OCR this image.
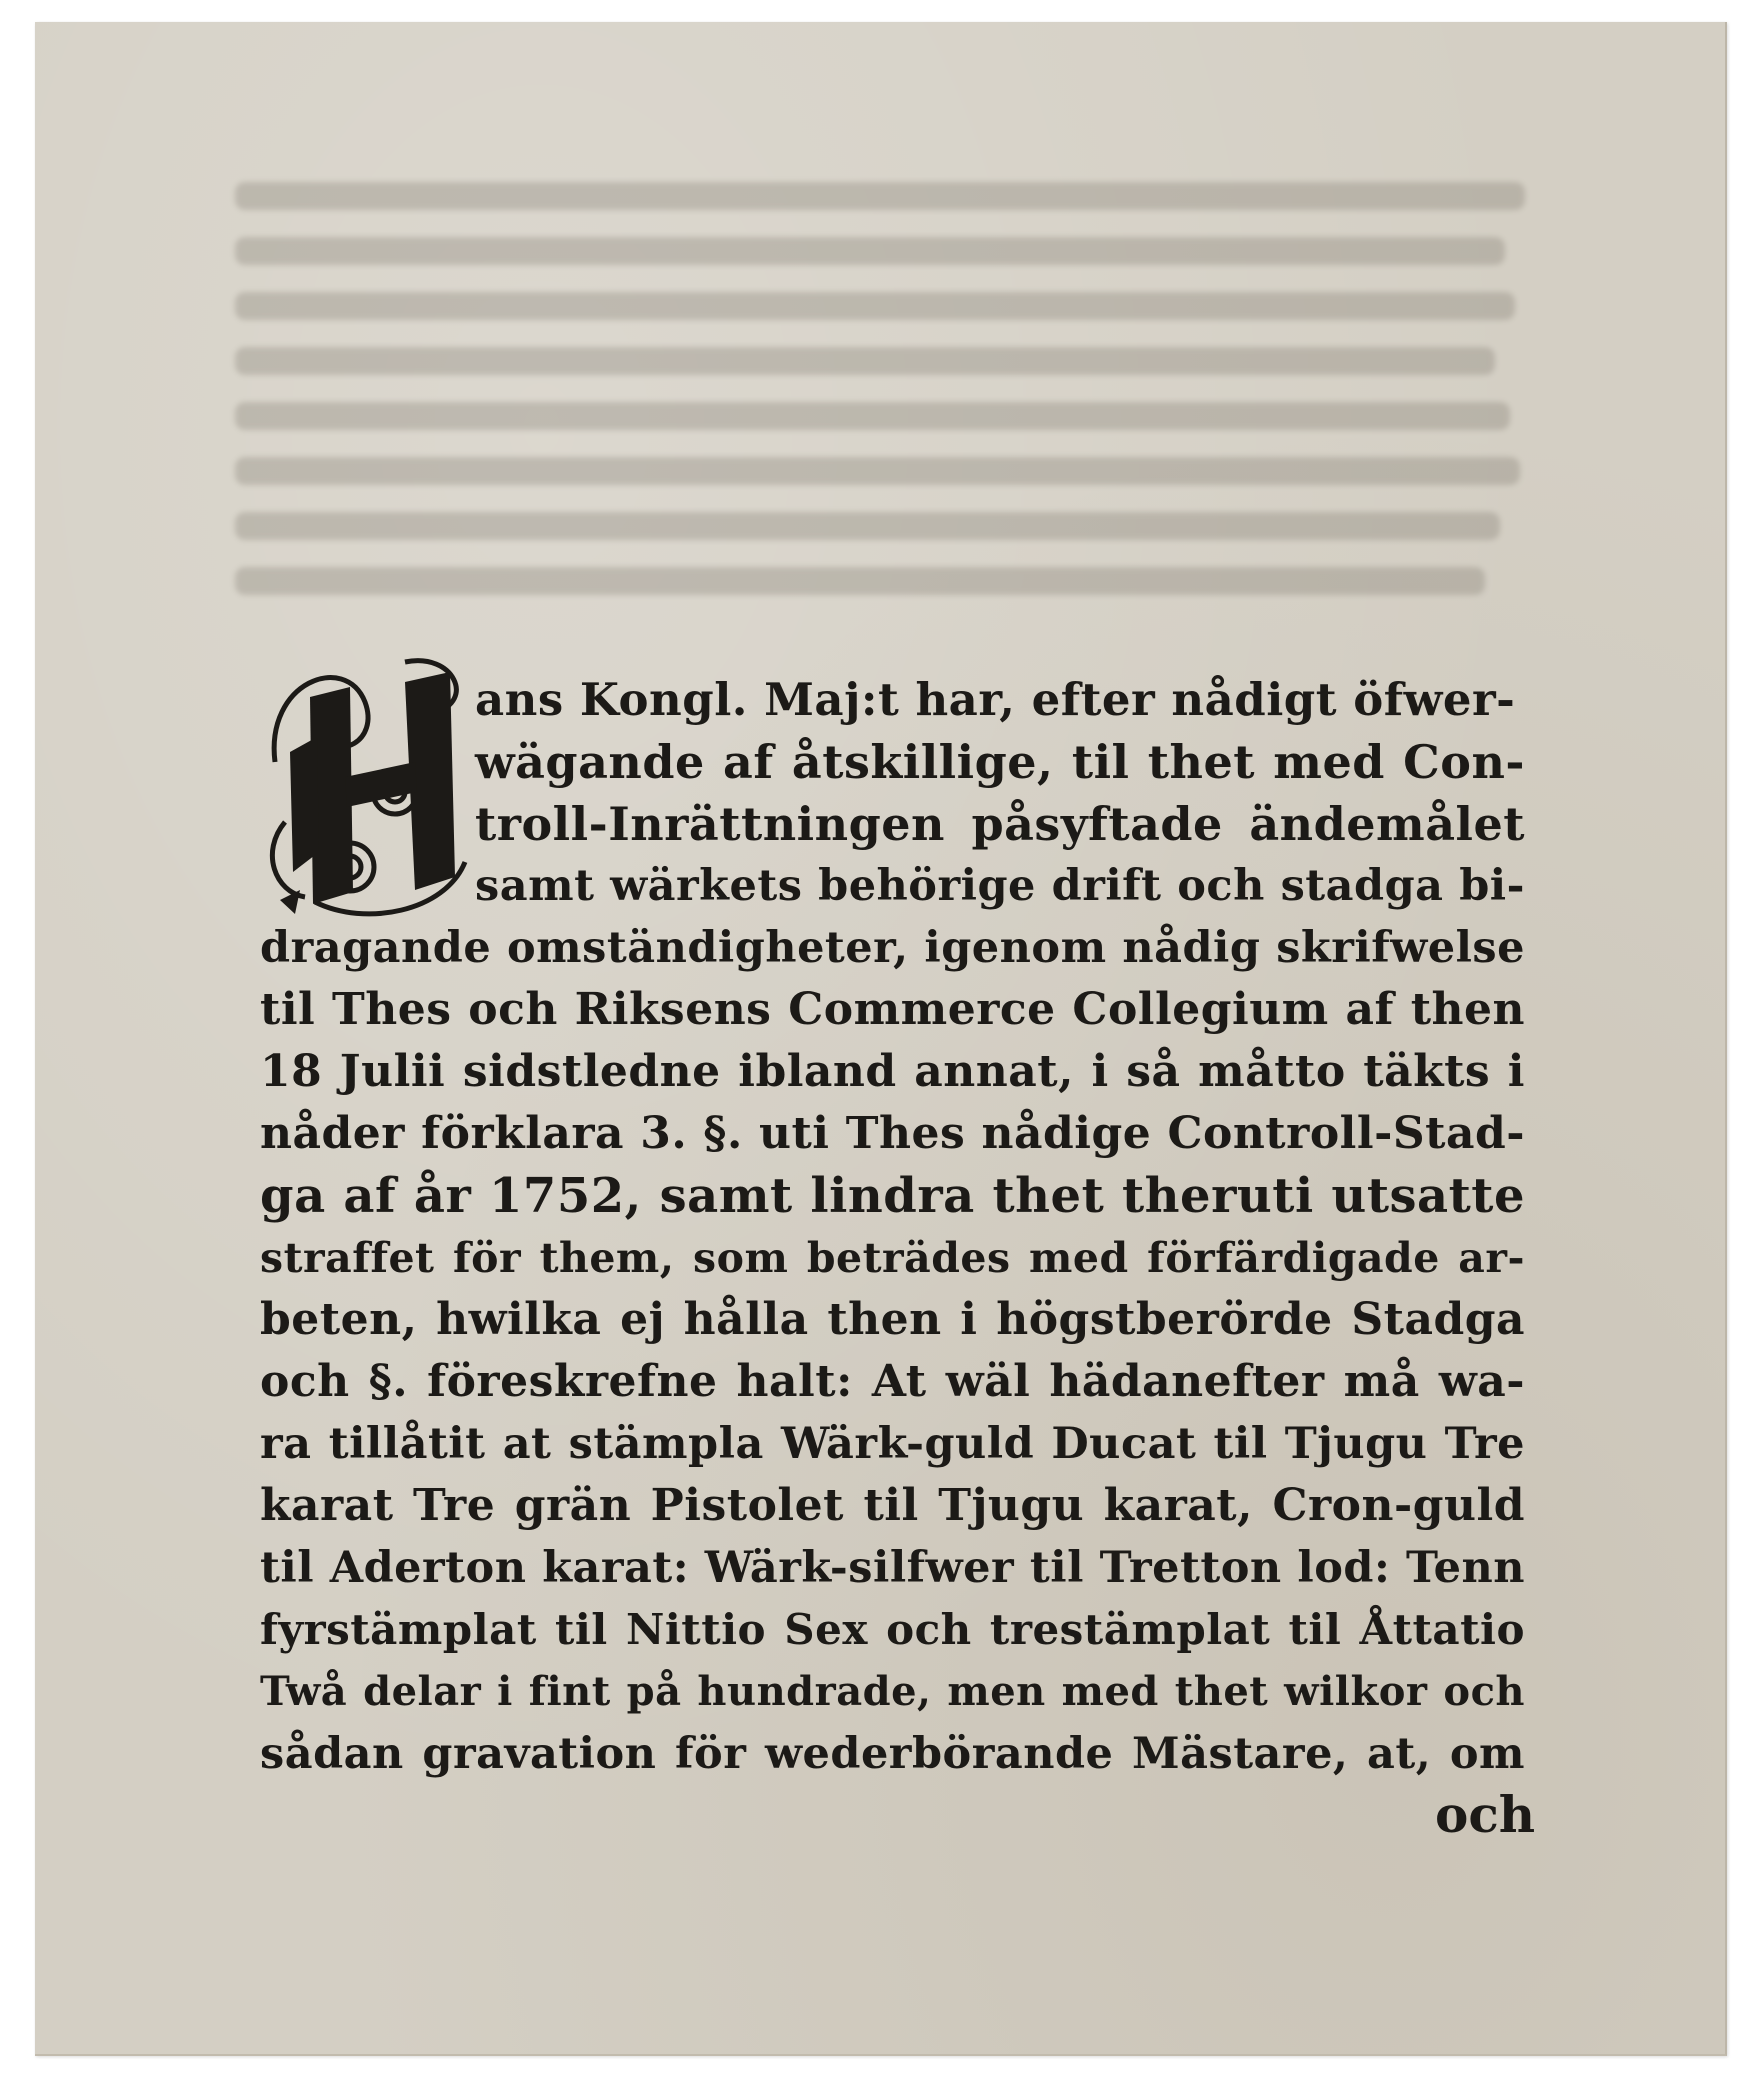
ans Kongl. Maj:t har, efter nådigt öfwer-
wägande af åtskillige, til thet med Con-
troll-Inrättningen påsyftade ändemålet
samt wärkets behörige drift och stadga bi-
dragande omständigheter, igenom nådig skrifwelse
til Thes och Riksens Commerce Collegium af then
18 Julii sidstledne ibland annat, i så måtto täkts i
nåder förklara 3. §. uti Thes nådige Controll-Stad-
ga af år 1752, samt lindra thet theruti utsatte
straffet för them, som beträdes med förfärdigade ar-
beten, hwilka ej hålla then i högstberörde Stadga
och §. föreskrefne halt: At wäl hädanefter må wa-
ra tillåtit at stämpla Wärk-guld Ducat til Tjugu Tre
karat Tre grän Pistolet til Tjugu karat, Cron-guld
til Aderton karat: Wärk-silfwer til Tretton lod: Tenn
fyrstämplat til Nittio Sex och trestämplat til Åttatio
Twå delar i fint på hundrade, men med thet wilkor och
sådan gravation för wederbörande Mästare, at, om
och
